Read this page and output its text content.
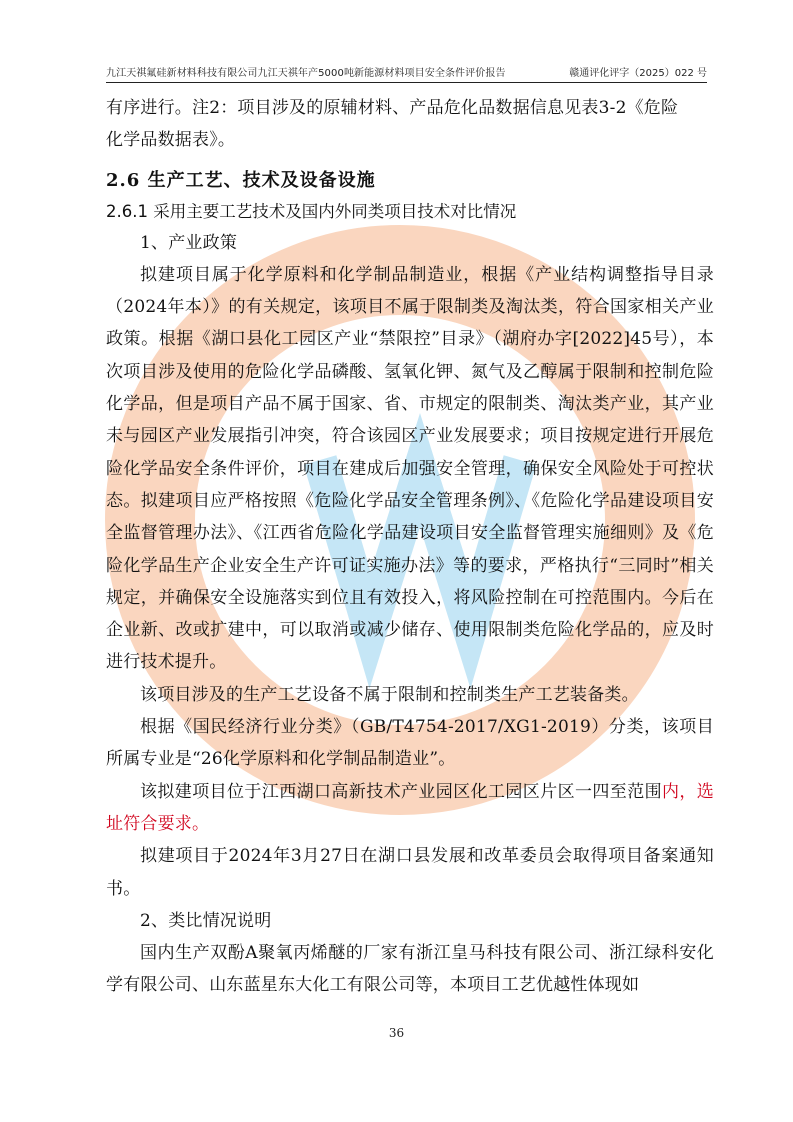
九江天祺氟硅新材料科技有限公司九江天祺年产5000吨新能源材料项目安全条件评价报告	赣通评化评字（2025）022 号

有序进行。注2：项目涉及的原辅材料、产品危化品数据信息见表3-2《危险

化学品数据表》。

2.6 生产工艺、技术及设备设施

2.6.1 采用主要工艺技术及国内外同类项目技术对比情况

1、产业政策

拟建项目属于化学原料和化学制品制造业，根据《产业结构调整指导目录（2024年本）》的有关规定，该项目不属于限制类及淘汰类，符合国家相关产业政策。根据《湖口县化工园区产业“禁限控”目录》（湖府办字[2022]45号），本次项目涉及使用的危险化学品磷酸、氢氧化钾、氮气及乙醇属于限制和控制危险化学品，但是项目产品不属于国家、省、市规定的限制类、淘汰类产业，其产业未与园区产业发展指引冲突，符合该园区产业发展要求；项目按规定进行开展危险化学品安全条件评价，项目在建成后加强安全管理，确保安全风险处于可控状态。拟建项目应严格按照《危险化学品安全管理条例》、《危险化学品建设项目安全监督管理办法》、《江西省危险化学品建设项目安全监督管理实施细则》及《危险化学品生产企业安全生产许可证实施办法》等的要求，严格执行“三同时”相关规定，并确保安全设施落实到位且有效投入，将风险控制在可控范围内。今后在企业新、改或扩建中，可以取消或减少储存、使用限制类危险化学品的，应及时进行技术提升。

该项目涉及的生产工艺设备不属于限制和控制类生产工艺装备类。

根据《国民经济行业分类》（GB/T4754-2017/XG1-2019）分类，该项目所属专业是“26化学原料和化学制品制造业”。

该拟建项目位于江西湖口高新技术产业园区化工园区片区一四至范围内，选址符合要求。

拟建项目于2024年3月27日在湖口县发展和改革委员会取得项目备案通知书。

2、类比情况说明

国内生产双酚A聚氧丙烯醚的厂家有浙江皇马科技有限公司、浙江绿科安化学有限公司、山东蓝星东大化工有限公司等，本项目工艺优越性体现如

36
